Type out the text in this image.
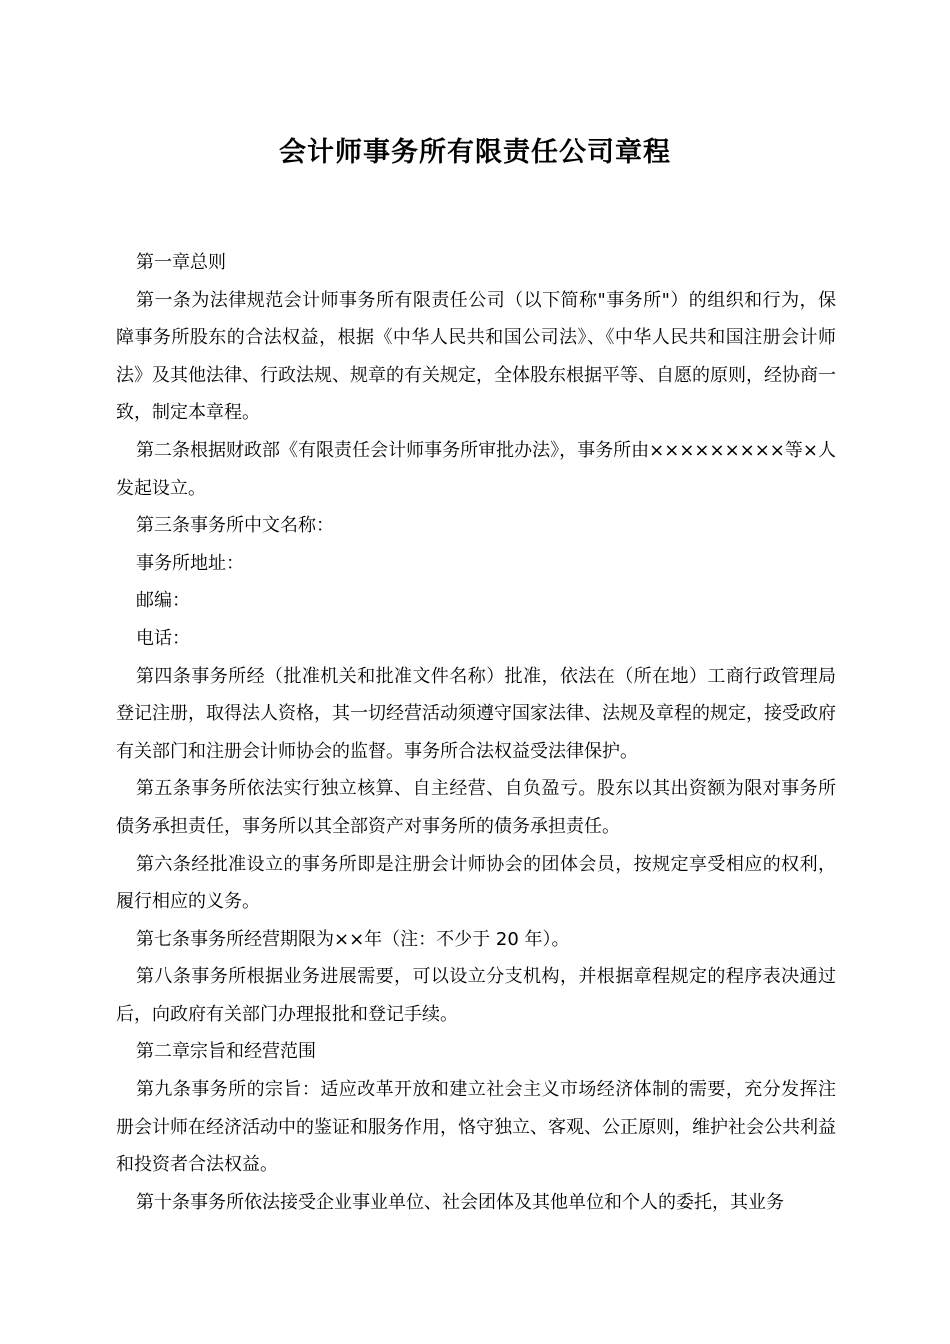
会计师事务所有限责任公司章程

第一章总则

第一条为法律规范会计师事务所有限责任公司（以下简称"事务所"）的组织和行为，保障事务所股东的合法权益，根据《中华人民共和国公司法》、《中华人民共和国注册会计师法》及其他法律、行政法规、规章的有关规定，全体股东根据平等、自愿的原则，经协商一致，制定本章程。

第二条根据财政部《有限责任会计师事务所审批办法》，事务所由×××××××××等×人发起设立。

第三条事务所中文名称：

事务所地址：

邮编：

电话：

第四条事务所经（批准机关和批准文件名称）批准，依法在（所在地）工商行政管理局登记注册，取得法人资格，其一切经营活动须遵守国家法律、法规及章程的规定，接受政府有关部门和注册会计师协会的监督。事务所合法权益受法律保护。

第五条事务所依法实行独立核算、自主经营、自负盈亏。股东以其出资额为限对事务所债务承担责任，事务所以其全部资产对事务所的债务承担责任。

第六条经批准设立的事务所即是注册会计师协会的团体会员，按规定享受相应的权利，履行相应的义务。

第七条事务所经营期限为××年（注：不少于 20 年）。

第八条事务所根据业务进展需要，可以设立分支机构，并根据章程规定的程序表决通过后，向政府有关部门办理报批和登记手续。

第二章宗旨和经营范围

第九条事务所的宗旨：适应改革开放和建立社会主义市场经济体制的需要，充分发挥注册会计师在经济活动中的鉴证和服务作用，恪守独立、客观、公正原则，维护社会公共利益和投资者合法权益。

第十条事务所依法接受企业事业单位、社会团体及其他单位和个人的委托，其业务
